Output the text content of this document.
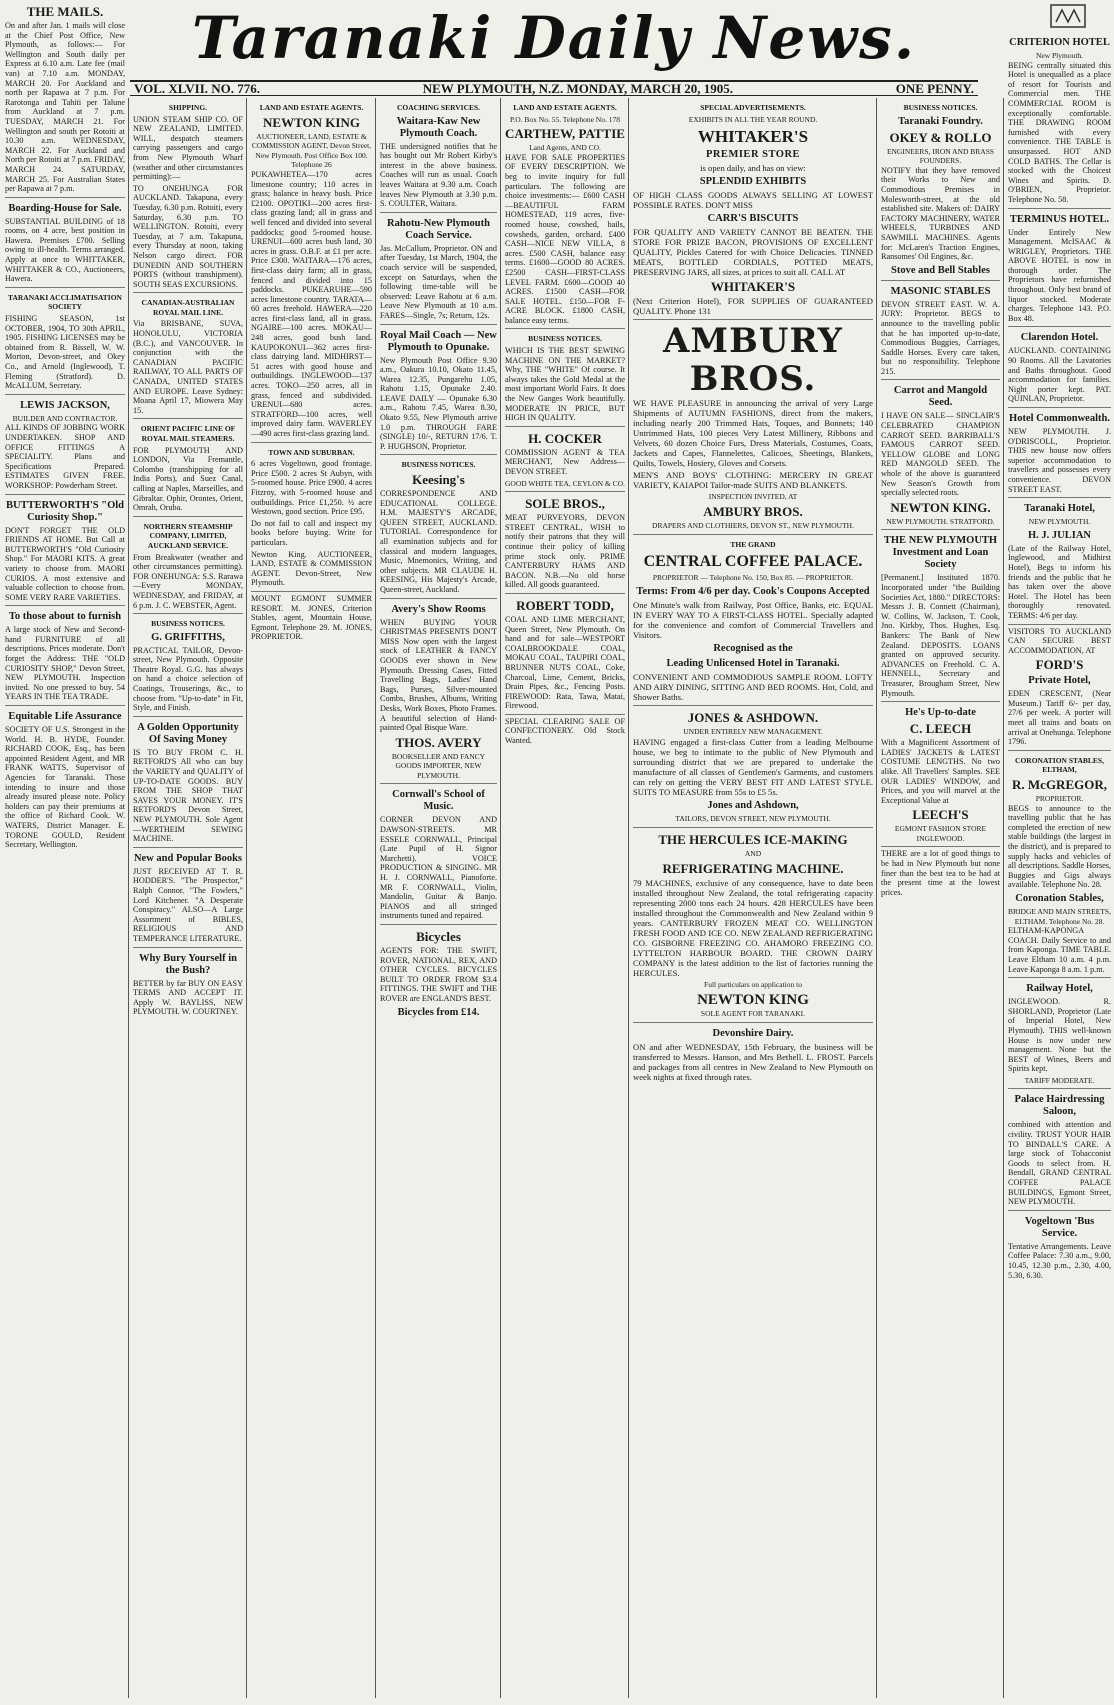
Taranaki Daily News.
VOL. XLVII. NO. 776.	NEW PLYMOUTH, N.Z. MONDAY, MARCH 20, 1905.	ONE PENNY.
THE MAILS.

On and after Jan. 1 mails will close at the Chief Post Office, New Plymouth, as follows:— For Wellington and South daily per Express at 6.10 a.m. Late fee (mail van) at 7.10 a.m. MONDAY, MARCH 20. For Auckland and north per Rapawa at 7 p.m. For Rarotonga and Tahiti per Talune from Auckland at 7 p.m. TUESDAY, MARCH 21. For Wellington and south per Rotoiti at 10.30 a.m. WEDNESDAY, MARCH 22. For Auckland and North per Rotoiti at 7 p.m. FRIDAY, MARCH 24. SATURDAY, MARCH 25. For Australian States per Rapawa at 7 p.m.

Boarding-House for Sale.

SUBSTANTIAL BUILDING of 18 rooms, on 4 acre, best position in Hawera. Premises £700. Selling owing to ill-health. Terms arranged. Apply at once to WHITTAKER, WHITTAKER & CO., Auctioneers, Hawera.

TARANAKI ACCLIMATISATION SOCIETY

FISHING SEASON, 1st OCTOBER, 1904, TO 30th APRIL, 1905. FISHING LICENSES may be obtained from R. Bissell, W. W. Morton, Devon-street, and Okey Co., and Arnold (Inglewood), T. Fleming (Stratford). D. McALLUM, Secretary.

LEWIS JACKSON,
BUILDER AND CONTRACTOR.

ALL KINDS OF JOBBING WORK UNDERTAKEN. SHOP AND OFFICE FITTINGS A SPECIALITY. Plans and Specifications Prepared. ESTIMATES GIVEN FREE. WORKSHOP: Powderham Street.

BUTTERWORTH'S "Old Curiosity Shop."

DON'T FORGET THE OLD FRIENDS AT HOME. But Call at BUTTERWORTH'S "Old Curiosity Shop." For MAORI KITS. A great variety to choose from. MAORI CURIOS. A most extensive and valuable collection to choose from. SOME VERY RARE VARIETIES.

To those about to furnish

A large stock of New and Second-hand FURNITURE of all descriptions. Prices moderate. Don't forget the Address: THE "OLD CURIOSITY SHOP," Devon Street, NEW PLYMOUTH. Inspection invited. No one pressed to buy. 54 YEARS IN THE TEA TRADE.

Equitable Life Assurance

SOCIETY OF U.S. Strongest in the World. H. B. HYDE, Founder. RICHARD COOK, Esq., has been appointed Resident Agent, and MR FRANK WATTS, Supervisor of Agencies for Taranaki. Those intending to insure and those already insured please note. Policy holders can pay their premiums at the office of Richard Cook. W. WATERS, District Manager. E. TORONE GOULD, Resident Secretary, Wellington.

SHIPPING.

UNION STEAM SHIP CO. OF NEW ZEALAND, LIMITED. WILL, despatch steamers carrying passengers and cargo from New Plymouth Wharf (weather and other circumstances permitting):—

TO ONEHUNGA FOR AUCKLAND. Takapuna, every Tuesday, 6.30 p.m. Rotoiti, every Saturday, 6.30 p.m. TO WELLINGTON. Rotoiti, every Tuesday, at 7 a.m. Takapuna, every Thursday at noon, taking Nelson cargo direct. FOR DUNEDIN AND SOUTHERN PORTS (without transhipment). SOUTH SEAS EXCURSIONS.

CANADIAN-AUSTRALIAN ROYAL MAIL LINE.

Via BRISBANE, SUVA, HONOLULU, VICTORIA (B.C.), and VANCOUVER. In conjunction with the CANADIAN PACIFIC RAILWAY, TO ALL PARTS OF CANADA, UNITED STATES AND EUROPE. Leave Sydney: Moana April 17, Miowera May 15.

ORIENT PACIFIC LINE OF ROYAL MAIL STEAMERS.

FOR PLYMOUTH AND LONDON, Via Fremantle, Colombo (transhipping for all India Ports), and Suez Canal, calling at Naples, Marseilles, and Gibraltar. Ophir, Orontes, Orient, Omrah, Oruba.

NORTHERN STEAMSHIP COMPANY, LIMITED, AUCKLAND SERVICE.

From Breakwater (weather and other circumstances permitting). FOR ONEHUNGA: S.S. Rarawa—Every MONDAY, WEDNESDAY, and FRIDAY, at 6 p.m. J. C. WEBSTER, Agent.

BUSINESS NOTICES.
G. GRIFFITHS,

PRACTICAL TAILOR, Devon-street, New Plymouth. Opposite Theatre Royal. G.G. has always on hand a choice selection of Coatings, Trouserings, &c., to choose from. "Up-to-date" in Fit, Style, and Finish.

A Golden Opportunity Of Saving Money

IS TO BUY FROM C. H. RETFORD'S All who can buy the VARIETY and QUALITY of UP-TO-DATE GOODS. BUY FROM THE SHOP THAT SAVES YOUR MONEY. IT'S RETFORD'S Devon Street, NEW PLYMOUTH. Sole Agent—WERTHEIM SEWING MACHINE.

New and Popular Books

JUST RECEIVED AT T. R. HODDER'S. "The Prospector," Ralph Connor. "The Fowlers," Lord Kitchener. "A Desperate Conspiracy." ALSO—A Large Assortment of BIBLES, RELIGIOUS AND TEMPERANCE LITERATURE.

Why Bury Yourself in the Bush?

BETTER by far BUY ON EASY TERMS AND ACCEPT IT. Apply W. BAYLISS, NEW PLYMOUTH. W. COURTNEY.

LAND AND ESTATE AGENTS.
NEWTON KING
AUCTIONEER, LAND, ESTATE & COMMISSION AGENT, Devon Street, New Plymouth. Post Office Box 100. Telephone 26

PUKAWHETEA—170 acres limestone country; 110 acres in grass; balance in heavy bush. Price £2100. OPOTIKI—200 acres first-class grazing land; all in grass and well fenced and divided into several paddocks; good 5-roomed house. URENUI—600 acres bush land, 30 acres in grass. O.B.F. at £1 per acre. Price £300. WAITARA—176 acres, first-class dairy farm; all in grass, fenced and divided into 15 paddocks. PUKEARUHE—590 acres limestone country. TARATA—60 acres freehold. HAWERA—220 acres first-class land, all in grass. NGAIRE—100 acres. MOKAU—248 acres, good bush land. KAUPOKONUI—362 acres first-class dairying land. MIDHIRST—51 acres with good house and outbuildings. INGLEWOOD—137 acres. TOKO—250 acres, all in grass, fenced and subdivided. URENUI—680 acres. STRATFORD—100 acres, well improved dairy farm. WAVERLEY—490 acres first-class grazing land.

TOWN AND SUBURBAN.

6 acres Vogeltown, good frontage. Price £500. 2 acres St Aubyn, with 5-roomed house. Price £900. 4 acres Fitzroy, with 5-roomed house and outbuildings. Price £1,250. ½ acre Westown, good section. Price £95.

Do not fail to call and inspect my books before buying. Write for particulars.

Newton King. AUCTIONEER, LAND, ESTATE & COMMISSION AGENT. Devon-Street, New Plymouth.

MOUNT EGMONT SUMMER RESORT. M. JONES, Criterion Stables, agent, Mountain House, Egmont. Telephone 29. M. JONES, PROPRIETOR.

COACHING SERVICES.
Waitara-Kaw New Plymouth Coach.

THE undersigned notifies that he has bought out Mr Robert Kirby's interest in the above business. Coaches will run as usual. Coach leaves Waitara at 9.30 a.m. Coach leaves New Plymouth at 3.30 p.m. S. COULTER, Waitara.

Rahotu-New Plymouth Coach Service.

Jas. McCallum, Proprietor. ON and after Tuesday, 1st March, 1904, the coach service will be suspended, except on Saturdays, when the following time-table will be observed: Leave Rahotu at 6 a.m. Leave New Plymouth at 10 a.m. FARES—Single, 7s; Return, 12s.

Royal Mail Coach — New Plymouth to Opunake.

New Plymouth Post Office 9.30 a.m., Oakura 10.10, Okato 11.45, Warea 12.35, Pungarehu 1.05, Rahotu 1.15, Opunake 2.40. LEAVE DAILY — Opunake 6.30 a.m., Rahotu 7.45, Warea 8.30, Okato 9.55, New Plymouth arrive 1.0 p.m. THROUGH FARE (SINGLE) 10/-, RETURN 17/6. T. P. HUGHSON, Proprietor.

BUSINESS NOTICES.
Keesing's

CORRESPONDENCE AND EDUCATIONAL COLLEGE. H.M. MAJESTY'S ARCADE, QUEEN STREET, AUCKLAND. TUTORIAL Correspondence for all examination subjects and for classical and modern languages, Music, Mnemonics, Writing, and other subjects. MR CLAUDE H. KEESING, His Majesty's Arcade, Queen-street, Auckland.

Avery's Show Rooms

WHEN BUYING YOUR CHRISTMAS PRESENTS DON'T MISS Now open with the largest stock of LEATHER & FANCY GOODS ever shown in New Plymouth. Dressing Cases, Fitted Travelling Bags, Ladies' Hand Bags, Purses, Silver-mounted Combs, Brushes, Albums, Writing Desks, Work Boxes, Photo Frames. A beautiful selection of Hand-painted Opal Bisque Ware.

THOS. AVERY
BOOKSELLER AND FANCY GOODS IMPORTER, NEW PLYMOUTH.
Cornwall's School of Music.

CORNER DEVON AND DAWSON-STREETS. MR ESSELE CORNWALL, Principal (Late Pupil of H. Signor Marchetti). VOICE PRODUCTION & SINGING. MR H. J. CORNWALL, Pianoforte. MR F. CORNWALL, Violin, Mandolin, Guitar & Banjo. PIANOS and all stringed instruments tuned and repaired.

Bicycles

AGENTS FOR: THE SWIFT, ROVER, NATIONAL, REX, AND OTHER CYCLES. BICYCLES BUILT TO ORDER FROM $3.4 FITTINGS. THE SWIFT and THE ROVER are ENGLAND'S BEST.

Bicycles from £14.
LAND AND ESTATE AGENTS.
P.O. Box No. 55. Telephone No. 178
CARTHEW, PATTIE
Land Agents, AND CO.

HAVE FOR SALE PROPERTIES OF EVERY DESCRIPTION. We beg to invite inquiry for full particulars. The following are choice investments:— £600 CASH—BEAUTIFUL FARM HOMESTEAD, 119 acres, five-roomed house, cowshed, bails, cowsheds, garden, orchard. £400 CASH—NICE NEW VILLA, 8 acres. £500 CASH, balance easy terms. £1600—GOOD 80 ACRES. £2500 CASH—FIRST-CLASS LEVEL FARM. £600—GOOD 40 ACRES. £1500 CASH—FOR SALE HOTEL. £150—FOR F-ACRE BLOCK. £1800 CASH, balance easy terms.

BUSINESS NOTICES.

WHICH IS THE BEST SEWING MACHINE ON THE MARKET? Why, THE "WHITE" Of course. It always takes the Gold Medal at the most important World Fairs. It does the New Ganges Work beautifully. MODERATE IN PRICE, BUT HIGH IN QUALITY.

H. COCKER

COMMISSION AGENT & TEA MERCHANT, New Address—DEVON STREET.

GOOD WHITE TEA, CEYLON & CO.

SOLE BROS.,

MEAT PURVEYORS, DEVON STREET CENTRAL, WISH to notify their patrons that they will continue their policy of killing prime stock only. PRIME CANTERBURY HAMS AND BACON. N.B.—No old horse killed. All goods guaranteed.

ROBERT TODD,

COAL AND LIME MERCHANT, Queen Street, New Plymouth. On hand and for sale—WESTPORT COALBROOKDALE COAL, MOKAU COAL, TAUPIRI COAL, BRUNNER NUTS COAL, Coke, Charcoal, Lime, Cement, Bricks, Drain Pipes, &c., Fencing Posts. FIREWOOD: Rata, Tawa, Matai, Firewood.

SPECIAL CLEARING SALE OF CONFECTIONERY. Old Stock Wanted.

SPECIAL ADVERTISEMENTS.
EXHIBITS IN ALL THE YEAR ROUND.
WHITAKER'S
PREMIER STORE
is open daily, and has on view:
SPLENDID EXHIBITS

OF HIGH CLASS GOODS ALWAYS SELLING AT LOWEST POSSIBLE RATES. DON'T MISS

CARR'S BISCUITS

FOR QUALITY AND VARIETY CANNOT BE BEATEN. THE STORE FOR PRIZE BACON, PROVISIONS OF EXCELLENT QUALITY, Pickles Catered for with Choice Delicacies. TINNED MEATS, BOTTLED CORDIALS, POTTED MEATS, PRESERVING JARS, all sizes, at prices to suit all. CALL AT

WHITAKER'S

(Next Criterion Hotel), FOR SUPPLIES OF GUARANTEED QUALITY. Phone 131

AMBURY BROS.

WE HAVE PLEASURE in announcing the arrival of very Large Shipments of AUTUMN FASHIONS, direct from the makers, including nearly 200 Trimmed Hats, Toques, and Bonnets; 140 Untrimmed Hats, 100 pieces Very Latest Millinery, Ribbons and Velvets, 60 dozen Choice Furs, Dress Materials, Costumes, Coats, Jackets and Capes, Flannelettes, Calicoes, Sheetings, Blankets, Quilts, Towels, Hosiery, Gloves and Corsets.

MEN'S AND BOYS' CLOTHING: MERCERY IN GREAT VARIETY, KAIAPOI Tailor-made SUITS AND BLANKETS.

INSPECTION INVITED, AT
AMBURY BROS.
DRAPERS AND CLOTHIERS, DEVON ST., NEW PLYMOUTH.
THE GRAND
CENTRAL COFFEE PALACE.
PROPRIETOR — Telephone No. 150, Box 85. — PROPRIETOR.
Terms: From 4/6 per day. Cook's Coupons Accepted

One Minute's walk from Railway, Post Office, Banks, etc. EQUAL IN EVERY WAY TO A FIRST-CLASS HOTEL. Specially adapted for the convenience and comfort of Commercial Travellers and Visitors.

Recognised as the
Leading Unlicensed Hotel in Taranaki.

CONVENIENT AND COMMODIOUS SAMPLE ROOM. LOFTY AND AIRY DINING, SITTING AND BED ROOMS. Hot, Cold, and Shower Baths.

JONES & ASHDOWN.
UNDER ENTIRELY NEW MANAGEMENT.

HAVING engaged a first-class Cutter from a leading Melbourne house, we beg to intimate to the public of New Plymouth and surrounding district that we are prepared to undertake the manufacture of all classes of Gentlemen's Garments, and customers can rely on getting the VERY BEST FIT AND LATEST STYLE. SUITS TO MEASURE from 55s to £5 5s.

Jones and Ashdown,
TAILORS, DEVON STREET, NEW PLYMOUTH.
THE HERCULES ICE-MAKING
AND
REFRIGERATING MACHINE.

79 MACHINES, exclusive of any consequence, have to date been installed throughout New Zealand, the total refrigerating capacity representing 2000 tons each 24 hours. 428 HERCULES have been installed throughout the Commonwealth and New Zealand within 9 years. CANTERBURY FROZEN MEAT CO. WELLINGTON FRESH FOOD AND ICE CO. NEW ZEALAND REFRIGERATING CO. GISBORNE FREEZING CO. AHAMORO FREEZING CO. LYTTELTON HARBOUR BOARD. THE CROWN DAIRY COMPANY is the latest addition to the list of factories running the HERCULES.

Full particulars on application to
NEWTON KING
SOLE AGENT FOR TARANAKI.
Devonshire Dairy.

ON and after WEDNESDAY, 15th February, the business will be transferred to Messrs. Hanson, and Mrs Bethell. L. FROST. Parcels and packages from all centres in New Zealand to New Plymouth on week nights at fixed through rates.

BUSINESS NOTICES.
Taranaki Foundry.
OKEY & ROLLO
ENGINEERS, IRON AND BRASS FOUNDERS.

NOTIFY that they have removed their Works to New and Commodious Premises in Molesworth-street, at the old established site. Makers of: DAIRY FACTORY MACHINERY, WATER WHEELS, TURBINES AND SAWMILL MACHINES. Agents for: McLaren's Traction Engines, Ransomes' Oil Engines, &c.

Stove and Bell Stables
MASONIC STABLES

DEVON STREET EAST. W. A. JURY: Proprietor. BEGS to announce to the travelling public that he has imported up-to-date, Commodious Buggies, Carriages, Saddle Horses. Every care taken, but no responsibility. Telephone 215.

Carrot and Mangold Seed.

I HAVE ON SALE— SINCLAIR'S CELEBRATED CHAMPION CARROT SEED. BARRIBALL'S FAMOUS CARROT SEED. YELLOW GLOBE and LONG RED MANGOLD SEED. The whole of the above is guaranteed New Season's Growth from specially selected roots.

NEWTON KING.
NEW PLYMOUTH. STRATFORD.
THE NEW PLYMOUTH Investment and Loan Society

[Permanent.] Instituted 1870. Incorporated under "the Building Societies Act, 1880." DIRECTORS: Messrs J. B. Connett (Chairman), W. Collins, W. Jackson, T. Cook, Jno. Kirkby, Thos. Hughes, Esq. Bankers: The Bank of New Zealand. DEPOSITS. LOANS granted on approved security. ADVANCES on Freehold. C. A. HENNELL, Secretary and Treasurer, Brougham Street, New Plymouth.

He's Up-to-date
C. LEECH

With a Magnificent Assortment of LADIES' JACKETS & LATEST COSTUME LENGTHS. No two alike. All Travellers' Samples. SEE OUR LADIES' WINDOW, and Prices, and you will marvel at the Exceptional Value at

LEECH'S
EGMONT FASHION STORE INGLEWOOD.

THERE are a lot of good things to be had in New Plymouth but none finer than the best tea to be had at the present time at the lowest prices.

CRITERION HOTEL
New Plymouth.

BEING centrally situated this Hotel is unequalled as a place of resort for Tourists and Commercial men. THE COMMERCIAL ROOM is exceptionally comfortable. THE DRAWING ROOM furnished with every convenience. THE TABLE is unsurpassed. HOT AND COLD BATHS. The Cellar is stocked with the Choicest Wines and Spirits. D. O'BRIEN, Proprietor. Telephone No. 58.

TERMINUS HOTEL.

Under Entirely New Management. McISAAC & WRIGLEY, Proprietors. THE ABOVE HOTEL is now in thorough order. The Proprietors have refurnished throughout. Only best brand of liquor stocked. Moderate charges. Telephone 143. P.O. Box 48.

Clarendon Hotel.

AUCKLAND. CONTAINING 90 Rooms. All the Lavatories and Baths throughout. Good accommodation for families. Night porter kept. PAT. QUINLAN, Proprietor.

Hotel Commonwealth.

NEW PLYMOUTH. J. O'DRISCOLL, Proprietor. THIS new house now offers superior accommodation to travellers and possesses every convenience. DEVON STREET EAST.

Taranaki Hotel,
NEW PLYMOUTH.
H. J. JULIAN

(Late of the Railway Hotel, Inglewood, and Midhirst Hotel), Begs to inform his friends and the public that he has taken over the above Hotel. The Hotel has been thoroughly renovated. TERMS: 4/6 per day.

VISITORS TO AUCKLAND CAN SECURE BEST ACCOMMODATION, AT

FORD'S
Private Hotel,

EDEN CRESCENT, (Near Museum.) Tariff 6/- per day, 27/6 per week. A porter will meet all trains and boats on arrival at Onehunga. Telephone 1796.

CORONATION STABLES, ELTHAM,
R. McGREGOR,
PROPRIETOR.

BEGS to announce to the travelling public that he has completed the erection of new stable buildings (the largest in the district), and is prepared to supply hacks and vehicles of all descriptions. Saddle Horses, Buggies and Gigs always available. Telephone No. 28.

Coronation Stables,
BRIDGE AND MAIN STREETS, ELTHAM. Telephone No. 28.

ELTHAM-KAPONGA COACH. Daily Service to and from Kaponga. TIME TABLE. Leave Eltham 10 a.m. 4 p.m. Leave Kaponga 8 a.m. 1 p.m.

Railway Hotel,

INGLEWOOD. R. SHORLAND, Proprietor (Late of Imperial Hotel, New Plymouth). THIS well-known House is now under new management. None but the BEST of Wines, Beers and Spirits kept.

TARIFF MODERATE.
Palace Hairdressing Saloon,

combined with attention and civility. TRUST YOUR HAIR TO BINDALL'S CARE. A large stock of Tobacconist Goods to select from. H. Bendall, GRAND CENTRAL COFFEE PALACE BUILDINGS, Egmont Street, NEW PLYMOUTH.

Vogeltown 'Bus Service.

Tentative Arrangements. Leave Coffee Palace: 7.30 a.m., 9.00, 10.45, 12.30 p.m., 2.30, 4.00, 5.30, 6.30.
